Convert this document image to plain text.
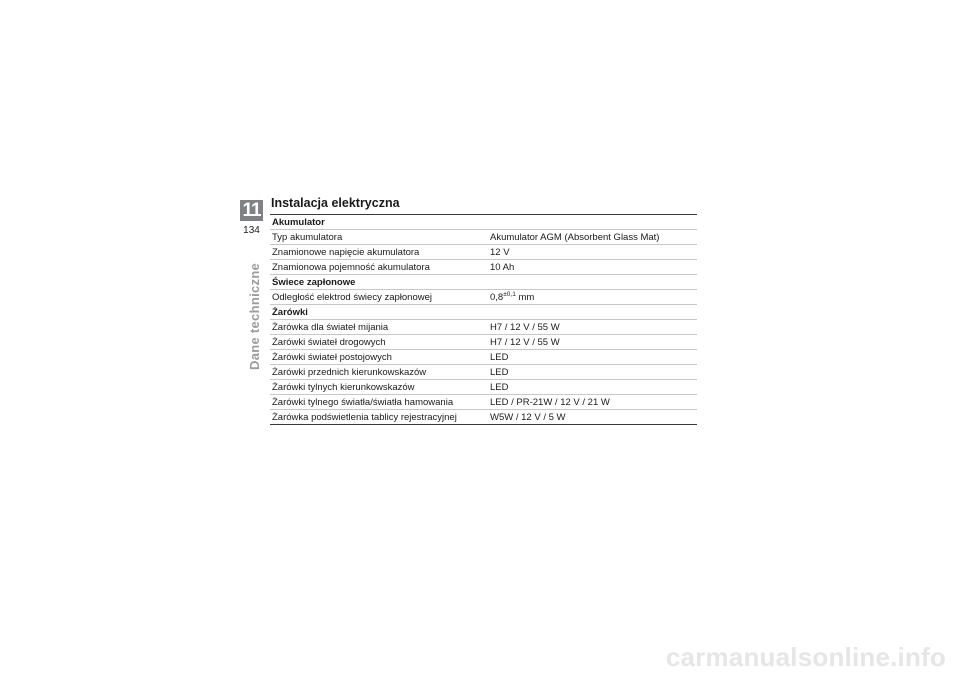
11
134
Dane techniczne
Instalacja elektryczna
Akumulator	
Typ akumulatora	Akumulator AGM (Absorbent Glass Mat)
Znamionowe napięcie akumulatora	12 V
Znamionowa pojemność akumulatora	10 Ah
Świece zapłonowe	
Odległość elektrod świecy zapłonowej	$0,8^{\pm 0,1}$ mm
Żarówki	
Żarówka dla świateł mijania	H7 / 12 V / 55 W
Żarówki świateł drogowych	H7 / 12 V / 55 W
Żarówki świateł postojowych	LED
Żarówki przednich kierunkowskazów	LED
Żarówki tylnych kierunkowskazów	LED
Żarówki tylnego światła/światła hamowania	LED / PR-21W / 12 V / 21 W
Żarówka podświetlenia tablicy rejestracyjnej	W5W / 12 V / 5 W
carmanualsonline.info
